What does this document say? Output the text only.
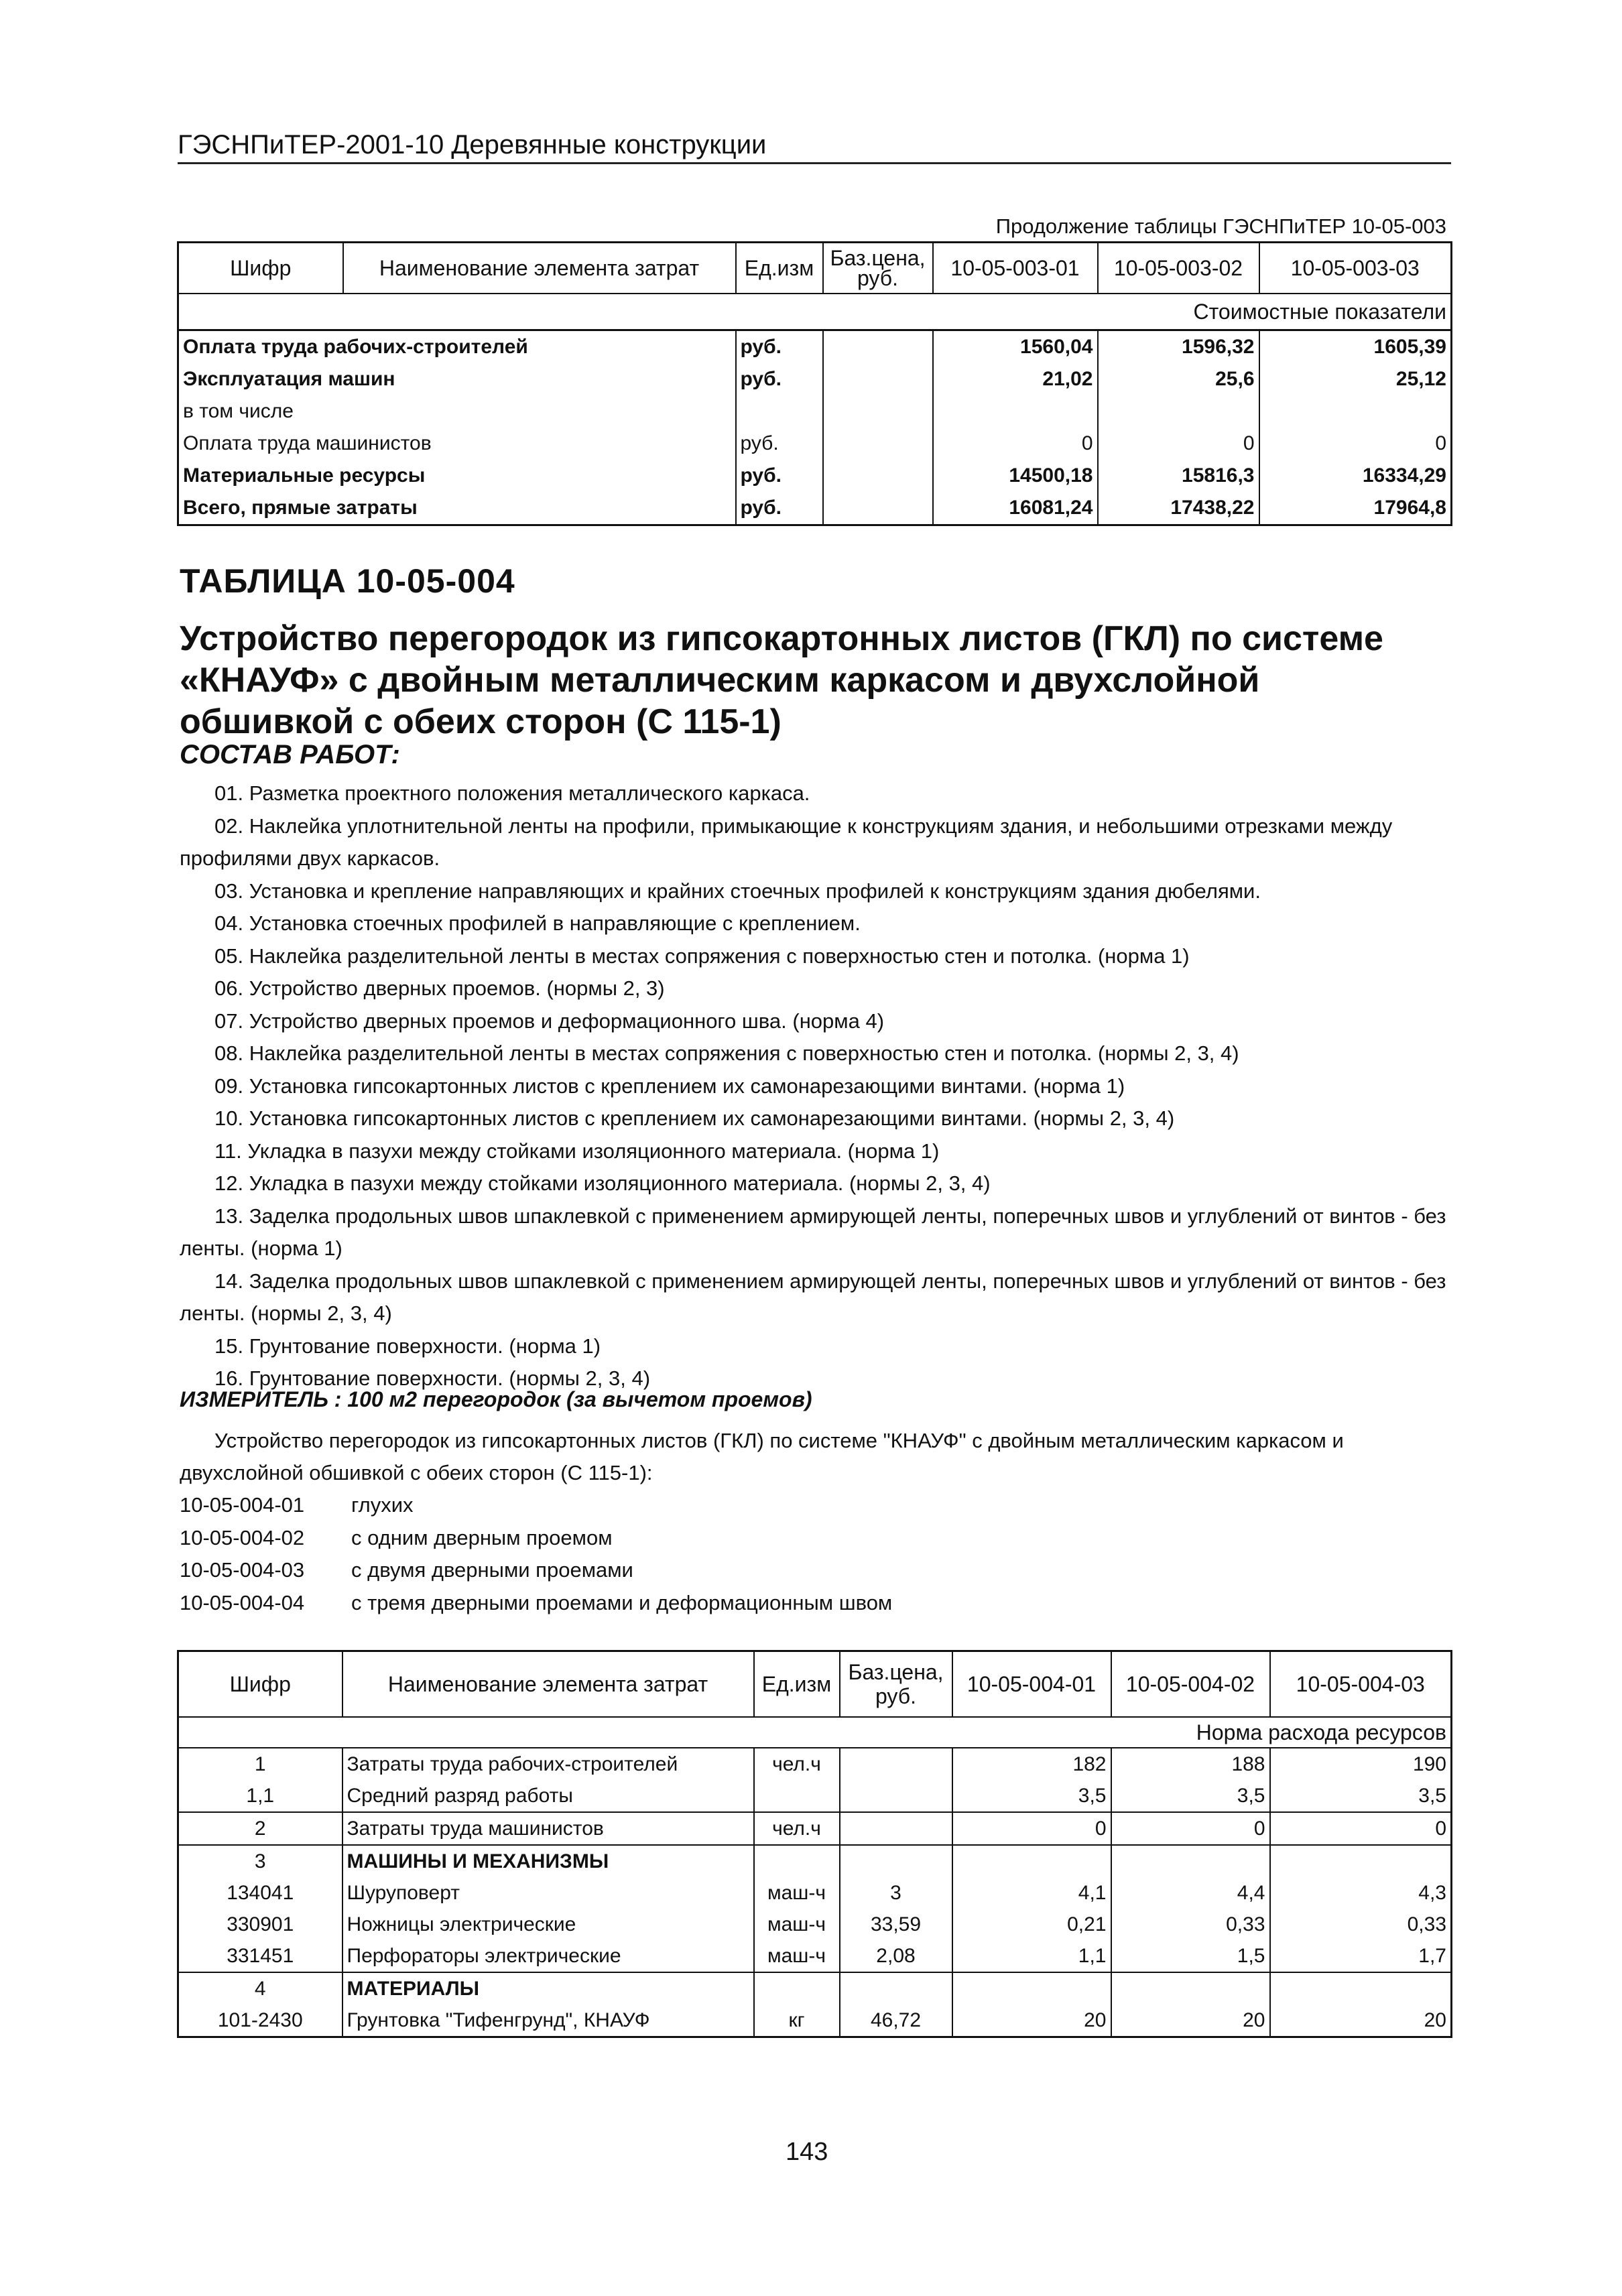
ГЭСНПиТЕР-2001-10 Деревянные конструкции
Продолжение таблицы ГЭСНПиТЕР 10-05-003
Шифр	Наименование элемента затрат	Ед.изм	Баз.цена, руб.	10-05-003-01	10-05-003-02	10-05-003-03
Стоимостные показатели						
Оплата труда рабочих-строителей		руб.		1560,04	1596,32	1605,39
Эксплуатация машин		руб.		21,02	25,6	25,12
в том числе						
Оплата труда машинистов		руб.		0	0	0
Материальные ресурсы		руб.		14500,18	15816,3	16334,29
Всего, прямые затраты		руб.		16081,24	17438,22	17964,8
ТАБЛИЦА 10-05-004
Устройство перегородок из гипсокартонных листов (ГКЛ) по системе «КНАУФ» с двойным металлическим каркасом и двухслойной обшивкой с обеих сторон (С 115-1)
СОСТАВ РАБОТ:
01. Разметка проектного положения металлического каркаса.
02. Наклейка уплотнительной ленты на профили, примыкающие к конструкциям здания, и небольшими отрезками между профилями двух каркасов.
03. Установка и крепление направляющих и крайних стоечных профилей к конструкциям здания дюбелями.
04. Установка стоечных профилей в направляющие с креплением.
05. Наклейка разделительной ленты в местах сопряжения с поверхностью стен и потолка. (норма 1)
06. Устройство дверных проемов. (нормы 2, 3)
07. Устройство дверных проемов и деформационного шва. (норма 4)
08. Наклейка разделительной ленты в местах сопряжения с поверхностью стен и потолка. (нормы 2, 3, 4)
09. Установка гипсокартонных листов с креплением их самонарезающими винтами. (норма 1)
10. Установка гипсокартонных листов с креплением их самонарезающими винтами. (нормы 2, 3, 4)
11. Укладка в пазухи между стойками изоляционного материала. (норма 1)
12. Укладка в пазухи между стойками изоляционного материала. (нормы 2, 3, 4)
13. Заделка продольных швов шпаклевкой с применением армирующей ленты, поперечных швов и углублений от винтов - без ленты. (норма 1)
14. Заделка продольных швов шпаклевкой с применением армирующей ленты, поперечных швов и углублений от винтов - без ленты. (нормы 2, 3, 4)
15. Грунтование поверхности. (норма 1)
16. Грунтование поверхности. (нормы 2, 3, 4)
ИЗМЕРИТЕЛЬ : 100 м2 перегородок (за вычетом проемов)
Устройство перегородок из гипсокартонных листов (ГКЛ) по системе "КНАУФ" с двойным металлическим каркасом и двухслойной обшивкой с обеих сторон (С 115-1):
10-05-004-01	глухих
10-05-004-02	с одним дверным проемом
10-05-004-03	с двумя дверными проемами
10-05-004-04	с тремя дверными проемами и деформационным швом
Шифр	Наименование элемента затрат	Ед.изм	Баз.цена, руб.	10-05-004-01	10-05-004-02	10-05-004-03
Норма расхода ресурсов						
1	Затраты труда рабочих-строителей	чел.ч		182	188	190
1,1	Средний разряд работы			3,5	3,5	3,5
2	Затраты труда машинистов	чел.ч		0	0	0
3	МАШИНЫ И МЕХАНИЗМЫ					
134041	Шуруповерт	маш-ч	3	4,1	4,4	4,3
330901	Ножницы электрические	маш-ч	33,59	0,21	0,33	0,33
331451	Перфораторы электрические	маш-ч	2,08	1,1	1,5	1,7
4	МАТЕРИАЛЫ					
101-2430	Грунтовка "Тифенгрунд", КНАУФ	кг	46,72	20	20	20
143
